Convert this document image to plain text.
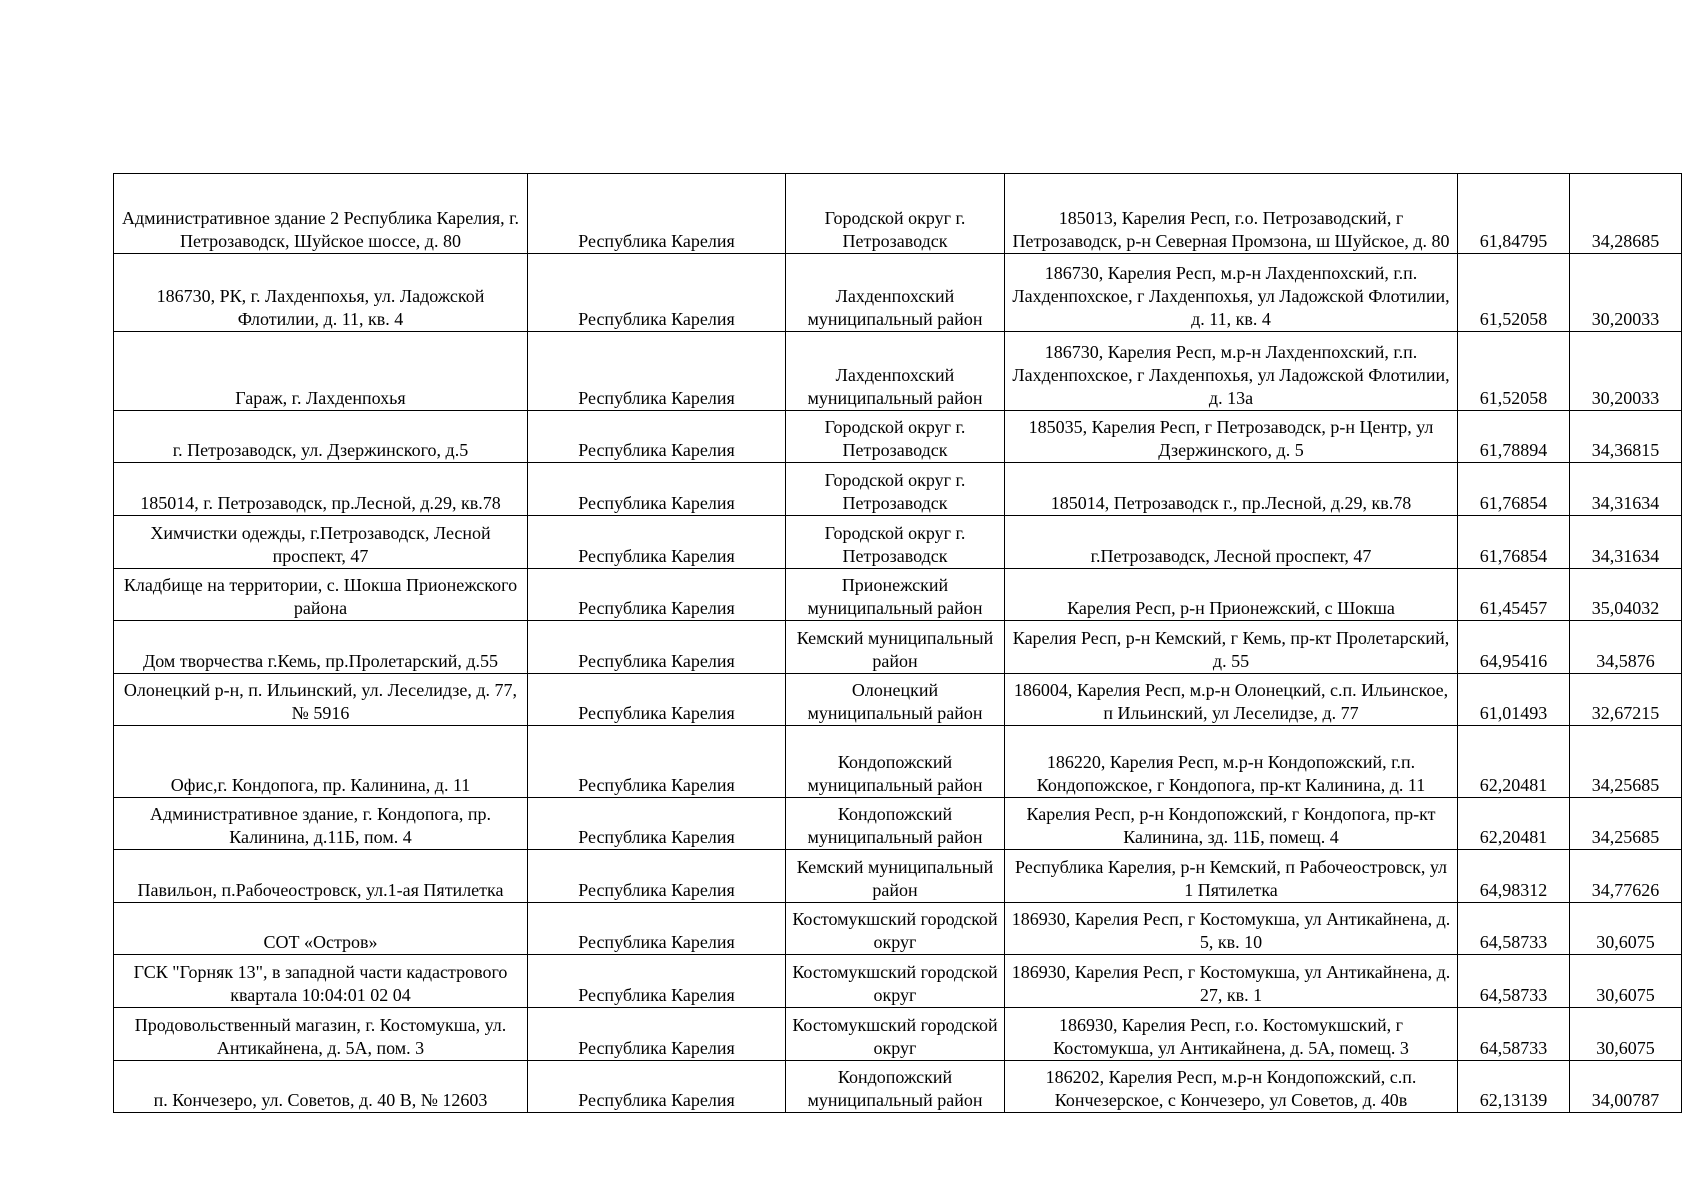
Административное здание 2 Республика Карелия, г. Петрозаводск, Шуйское шоссе, д. 80	Республика Карелия	Городской округ г. Петрозаводск	185013, Карелия Респ, г.о. Петрозаводский, г Петрозаводск, р-н Северная Промзона, ш Шуйское, д. 80	61,84795	34,28685
186730, РК, г. Лахденпохья, ул. Ладожской Флотилии, д. 11, кв. 4	Республика Карелия	Лахденпохский муниципальный район	186730, Карелия Респ, м.р-н Лахденпохский, г.п. Лахденпохское, г Лахденпохья, ул Ладожской Флотилии, д. 11, кв. 4	61,52058	30,20033
Гараж, г. Лахденпохья	Республика Карелия	Лахденпохский муниципальный район	186730, Карелия Респ, м.р-н Лахденпохский, г.п. Лахденпохское, г Лахденпохья, ул Ладожской Флотилии, д. 13а	61,52058	30,20033
г. Петрозаводск, ул. Дзержинского, д.5	Республика Карелия	Городской округ г. Петрозаводск	185035, Карелия Респ, г Петрозаводск, р-н Центр, ул Дзержинского, д. 5	61,78894	34,36815
185014, г. Петрозаводск, пр.Лесной, д.29, кв.78	Республика Карелия	Городской округ г. Петрозаводск	185014, Петрозаводск г., пр.Лесной, д.29, кв.78	61,76854	34,31634
Химчистки одежды, г.Петрозаводск, Лесной проспект, 47	Республика Карелия	Городской округ г. Петрозаводск	г.Петрозаводск, Лесной проспект, 47	61,76854	34,31634
Кладбище на территории, с. Шокша Прионежского района	Республика Карелия	Прионежский муниципальный район	Карелия Респ, р-н Прионежский, с Шокша	61,45457	35,04032
Дом творчества г.Кемь, пр.Пролетарский, д.55	Республика Карелия	Кемский муниципальный район	Карелия Респ, р-н Кемский, г Кемь, пр-кт Пролетарский, д. 55	64,95416	34,5876
Олонецкий р-н, п. Ильинский, ул. Леселидзе, д. 77, № 5916	Республика Карелия	Олонецкий муниципальный район	186004, Карелия Респ, м.р-н Олонецкий, с.п. Ильинское, п Ильинский, ул Леселидзе, д. 77	61,01493	32,67215
Офис,г. Кондопога, пр. Калинина, д. 11	Республика Карелия	Кондопожский муниципальный район	186220, Карелия Респ, м.р-н Кондопожский, г.п. Кондопожское, г Кондопога, пр-кт Калинина, д. 11	62,20481	34,25685
Административное здание, г. Кондопога, пр. Калинина, д.11Б, пом. 4	Республика Карелия	Кондопожский муниципальный район	Карелия Респ, р-н Кондопожский, г Кондопога, пр-кт Калинина, зд. 11Б, помещ. 4	62,20481	34,25685
Павильон, п.Рабочеостровск, ул.1-ая Пятилетка	Республика Карелия	Кемский муниципальный район	Республика Карелия, р-н Кемский, п Рабочеостровск, ул 1 Пятилетка	64,98312	34,77626
СОТ «Остров»	Республика Карелия	Костомукшский городской округ	186930, Карелия Респ, г Костомукша, ул Антикайнена, д. 5, кв. 10	64,58733	30,6075
ГСК "Горняк 13", в западной части кадастрового квартала 10:04:01 02 04	Республика Карелия	Костомукшский городской округ	186930, Карелия Респ, г Костомукша, ул Антикайнена, д. 27, кв. 1	64,58733	30,6075
Продовольственный магазин, г. Костомукша, ул. Антикайнена, д. 5А, пом. 3	Республика Карелия	Костомукшский городской округ	186930, Карелия Респ, г.о. Костомукшский, г Костомукша, ул Антикайнена, д. 5А, помещ. 3	64,58733	30,6075
п. Кончезеро, ул. Советов, д. 40 В, № 12603	Республика Карелия	Кондопожский муниципальный район	186202, Карелия Респ, м.р-н Кондопожский, с.п. Кончезерское, с Кончезеро, ул Советов, д. 40в	62,13139	34,00787
